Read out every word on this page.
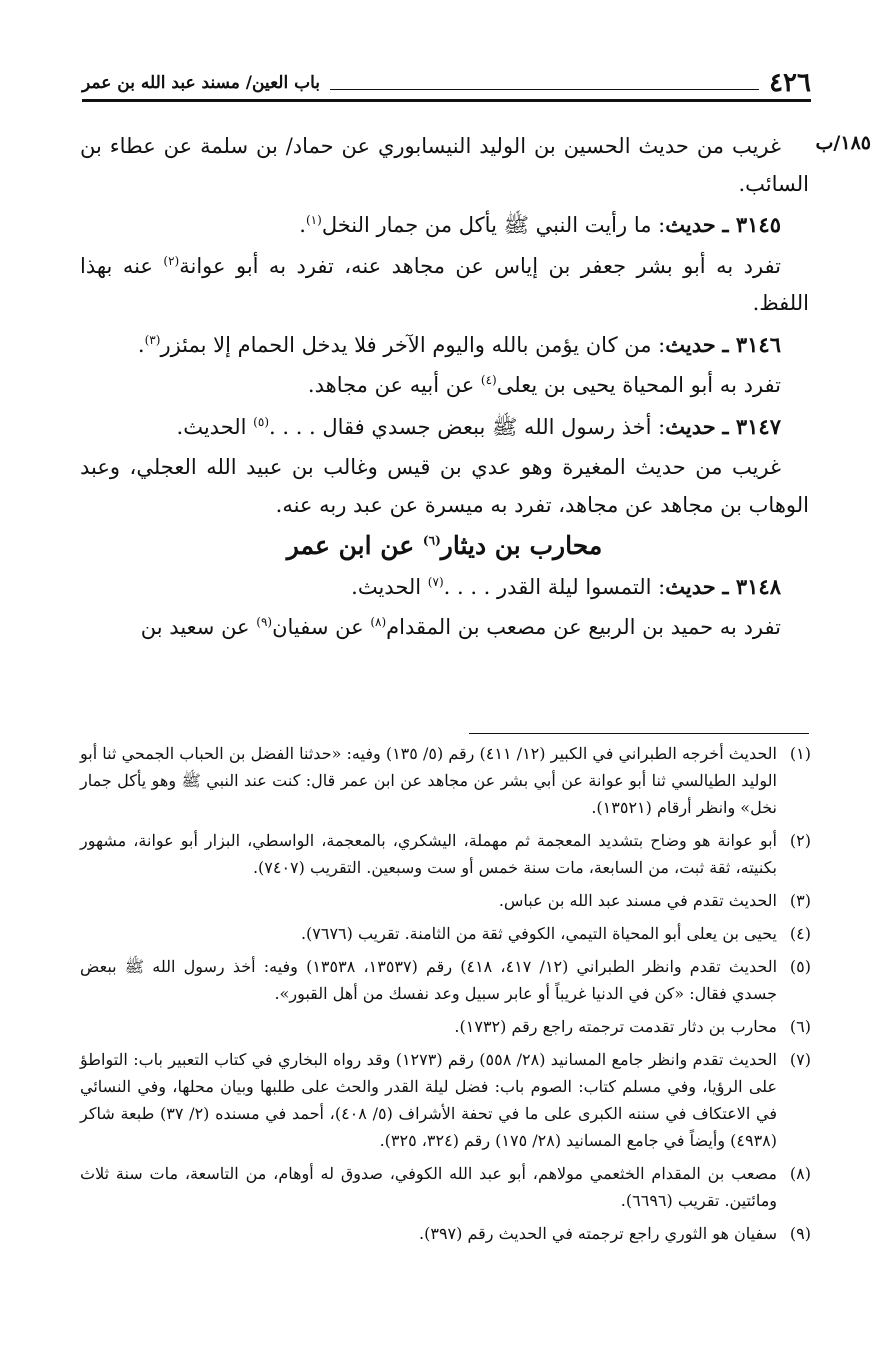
٤٢٦
باب العين/ مسند عبد الله بن عمر
١٨٥/ب

غريب من حديث الحسين بن الوليد النيسابوري عن حماد/ بن سلمة عن عطاء بن السائب.

٣١٤٥ ـ حديث: ما رأيت النبي ﷺ يأكل من جمار النخل$^{(١)}$.

تفرد به أبو بشر جعفر بن إياس عن مجاهد عنه، تفرد به أبو عوانة$^{(٢)}$ عنه بهذا اللفظ.

٣١٤٦ ـ حديث: من كان يؤمن بالله واليوم الآخر فلا يدخل الحمام إلا بمئزر$^{(٣)}$.

تفرد به أبو المحياة يحيى بن يعلى$^{(٤)}$ عن أبيه عن مجاهد.

٣١٤٧ ـ حديث: أخذ رسول الله ﷺ ببعض جسدي فقال . . . .$^{(٥)}$ الحديث.

غريب من حديث المغيرة وهو عدي بن قيس وغالب بن عبيد الله العجلي، وعبد الوهاب بن مجاهد عن مجاهد، تفرد به ميسرة عن عبد ربه عنه.

محارب بن ديثار$^{(٦)}$ عن ابن عمر

٣١٤٨ ـ حديث: التمسوا ليلة القدر . . . .$^{(٧)}$ الحديث.

تفرد به حميد بن الربيع عن مصعب بن المقدام$^{(٨)}$ عن سفيان$^{(٩)}$ عن سعيد بن

(١)
الحديث أخرجه الطبراني في الكبير (١٢/ ٤١١) رقم (٥/ ١٣٥) وفيه: «حدثنا الفضل بن الحباب الجمحي ثنا أبو الوليد الطيالسي ثنا أبو عوانة عن أبي بشر عن مجاهد عن ابن عمر قال: كنت عند النبي ﷺ وهو يأكل جمار نخل» وانظر أرقام (١٣٥٢١).
(٢)
أبو عوانة هو وضاح بتشديد المعجمة ثم مهملة، اليشكري، بالمعجمة، الواسطي، البزار أبو عوانة، مشهور بكنيته، ثقة ثبت، من السابعة، مات سنة خمس أو ست وسبعين. التقريب (٧٤٠٧).
(٣)
الحديث تقدم في مسند عبد الله بن عباس.
(٤)
يحيى بن يعلى أبو المحياة التيمي، الكوفي ثقة من الثامنة. تقريب (٧٦٧٦).
(٥)
الحديث تقدم وانظر الطبراني (١٢/ ٤١٧، ٤١٨) رقم (١٣٥٣٧، ١٣٥٣٨) وفيه: أخذ رسول الله ﷺ ببعض جسدي فقال: «كن في الدنيا غريباً أو عابر سبيل وعد نفسك من أهل القبور».
(٦)
محارب بن دثار تقدمت ترجمته راجع رقم (١٧٣٢).
(٧)
الحديث تقدم وانظر جامع المسانيد (٢٨/ ٥٥٨) رقم (١٢٧٣) وقد رواه البخاري في كتاب التعبير باب: التواطؤ على الرؤيا، وفي مسلم كتاب: الصوم باب: فضل ليلة القدر والحث على طلبها وبيان محلها، وفي النسائي في الاعتكاف في سننه الكبرى على ما في تحفة الأشراف (٥/ ٤٠٨)، أحمد في مسنده (٢/ ٣٧) طبعة شاكر (٤٩٣٨) وأيضاً في جامع المسانيد (٢٨/ ١٧٥) رقم (٣٢٤، ٣٢٥).
(٨)
مصعب بن المقدام الخثعمي مولاهم، أبو عبد الله الكوفي، صدوق له أوهام، من التاسعة، مات سنة ثلاث ومائتين. تقريب (٦٦٩٦).
(٩)
سفيان هو الثوري راجع ترجمته في الحديث رقم (٣٩٧).
